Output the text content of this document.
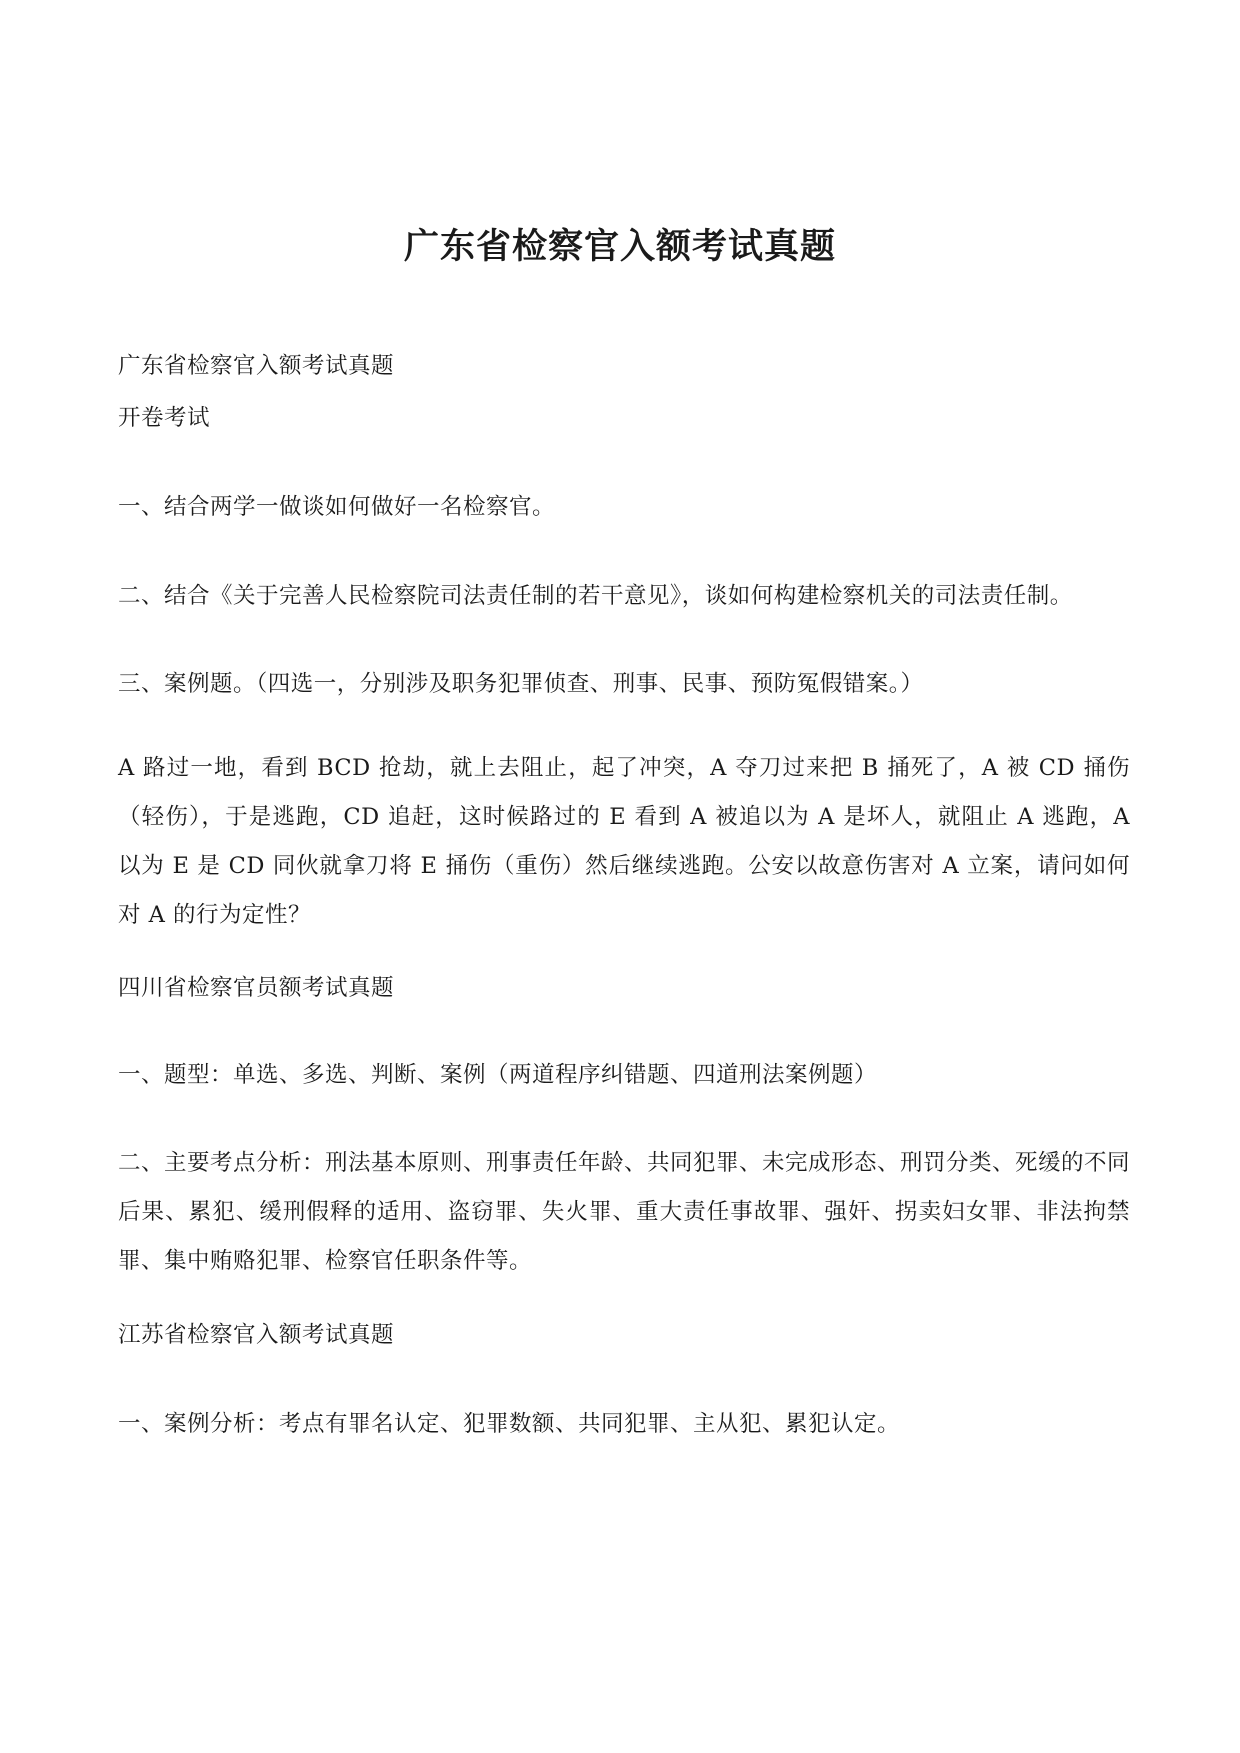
广东省检察官入额考试真题

广东省检察官入额考试真题

开卷考试

一、结合两学一做谈如何做好一名检察官。

二、结合《关于完善人民检察院司法责任制的若干意见》，谈如何构建检察机关的司法责任制。

三、案例题。（四选一，分别涉及职务犯罪侦查、刑事、民事、预防冤假错案。）

A 路过一地，看到 BCD 抢劫，就上去阻止，起了冲突，A 夺刀过来把 B 捅死了，A 被 CD 捅伤（轻伤），于是逃跑，CD 追赶，这时候路过的 E 看到 A 被追以为 A 是坏人，就阻止 A 逃跑，A 以为 E 是 CD 同伙就拿刀将 E 捅伤（重伤）然后继续逃跑。公安以故意伤害对 A 立案，请问如何对 A 的行为定性？

四川省检察官员额考试真题

一、题型：单选、多选、判断、案例（两道程序纠错题、四道刑法案例题）

二、主要考点分析：刑法基本原则、刑事责任年龄、共同犯罪、未完成形态、刑罚分类、死缓的不同后果、累犯、缓刑假释的适用、盗窃罪、失火罪、重大责任事故罪、强奸、拐卖妇女罪、非法拘禁罪、集中贿赂犯罪、检察官任职条件等。

江苏省检察官入额考试真题

一、案例分析：考点有罪名认定、犯罪数额、共同犯罪、主从犯、累犯认定。
